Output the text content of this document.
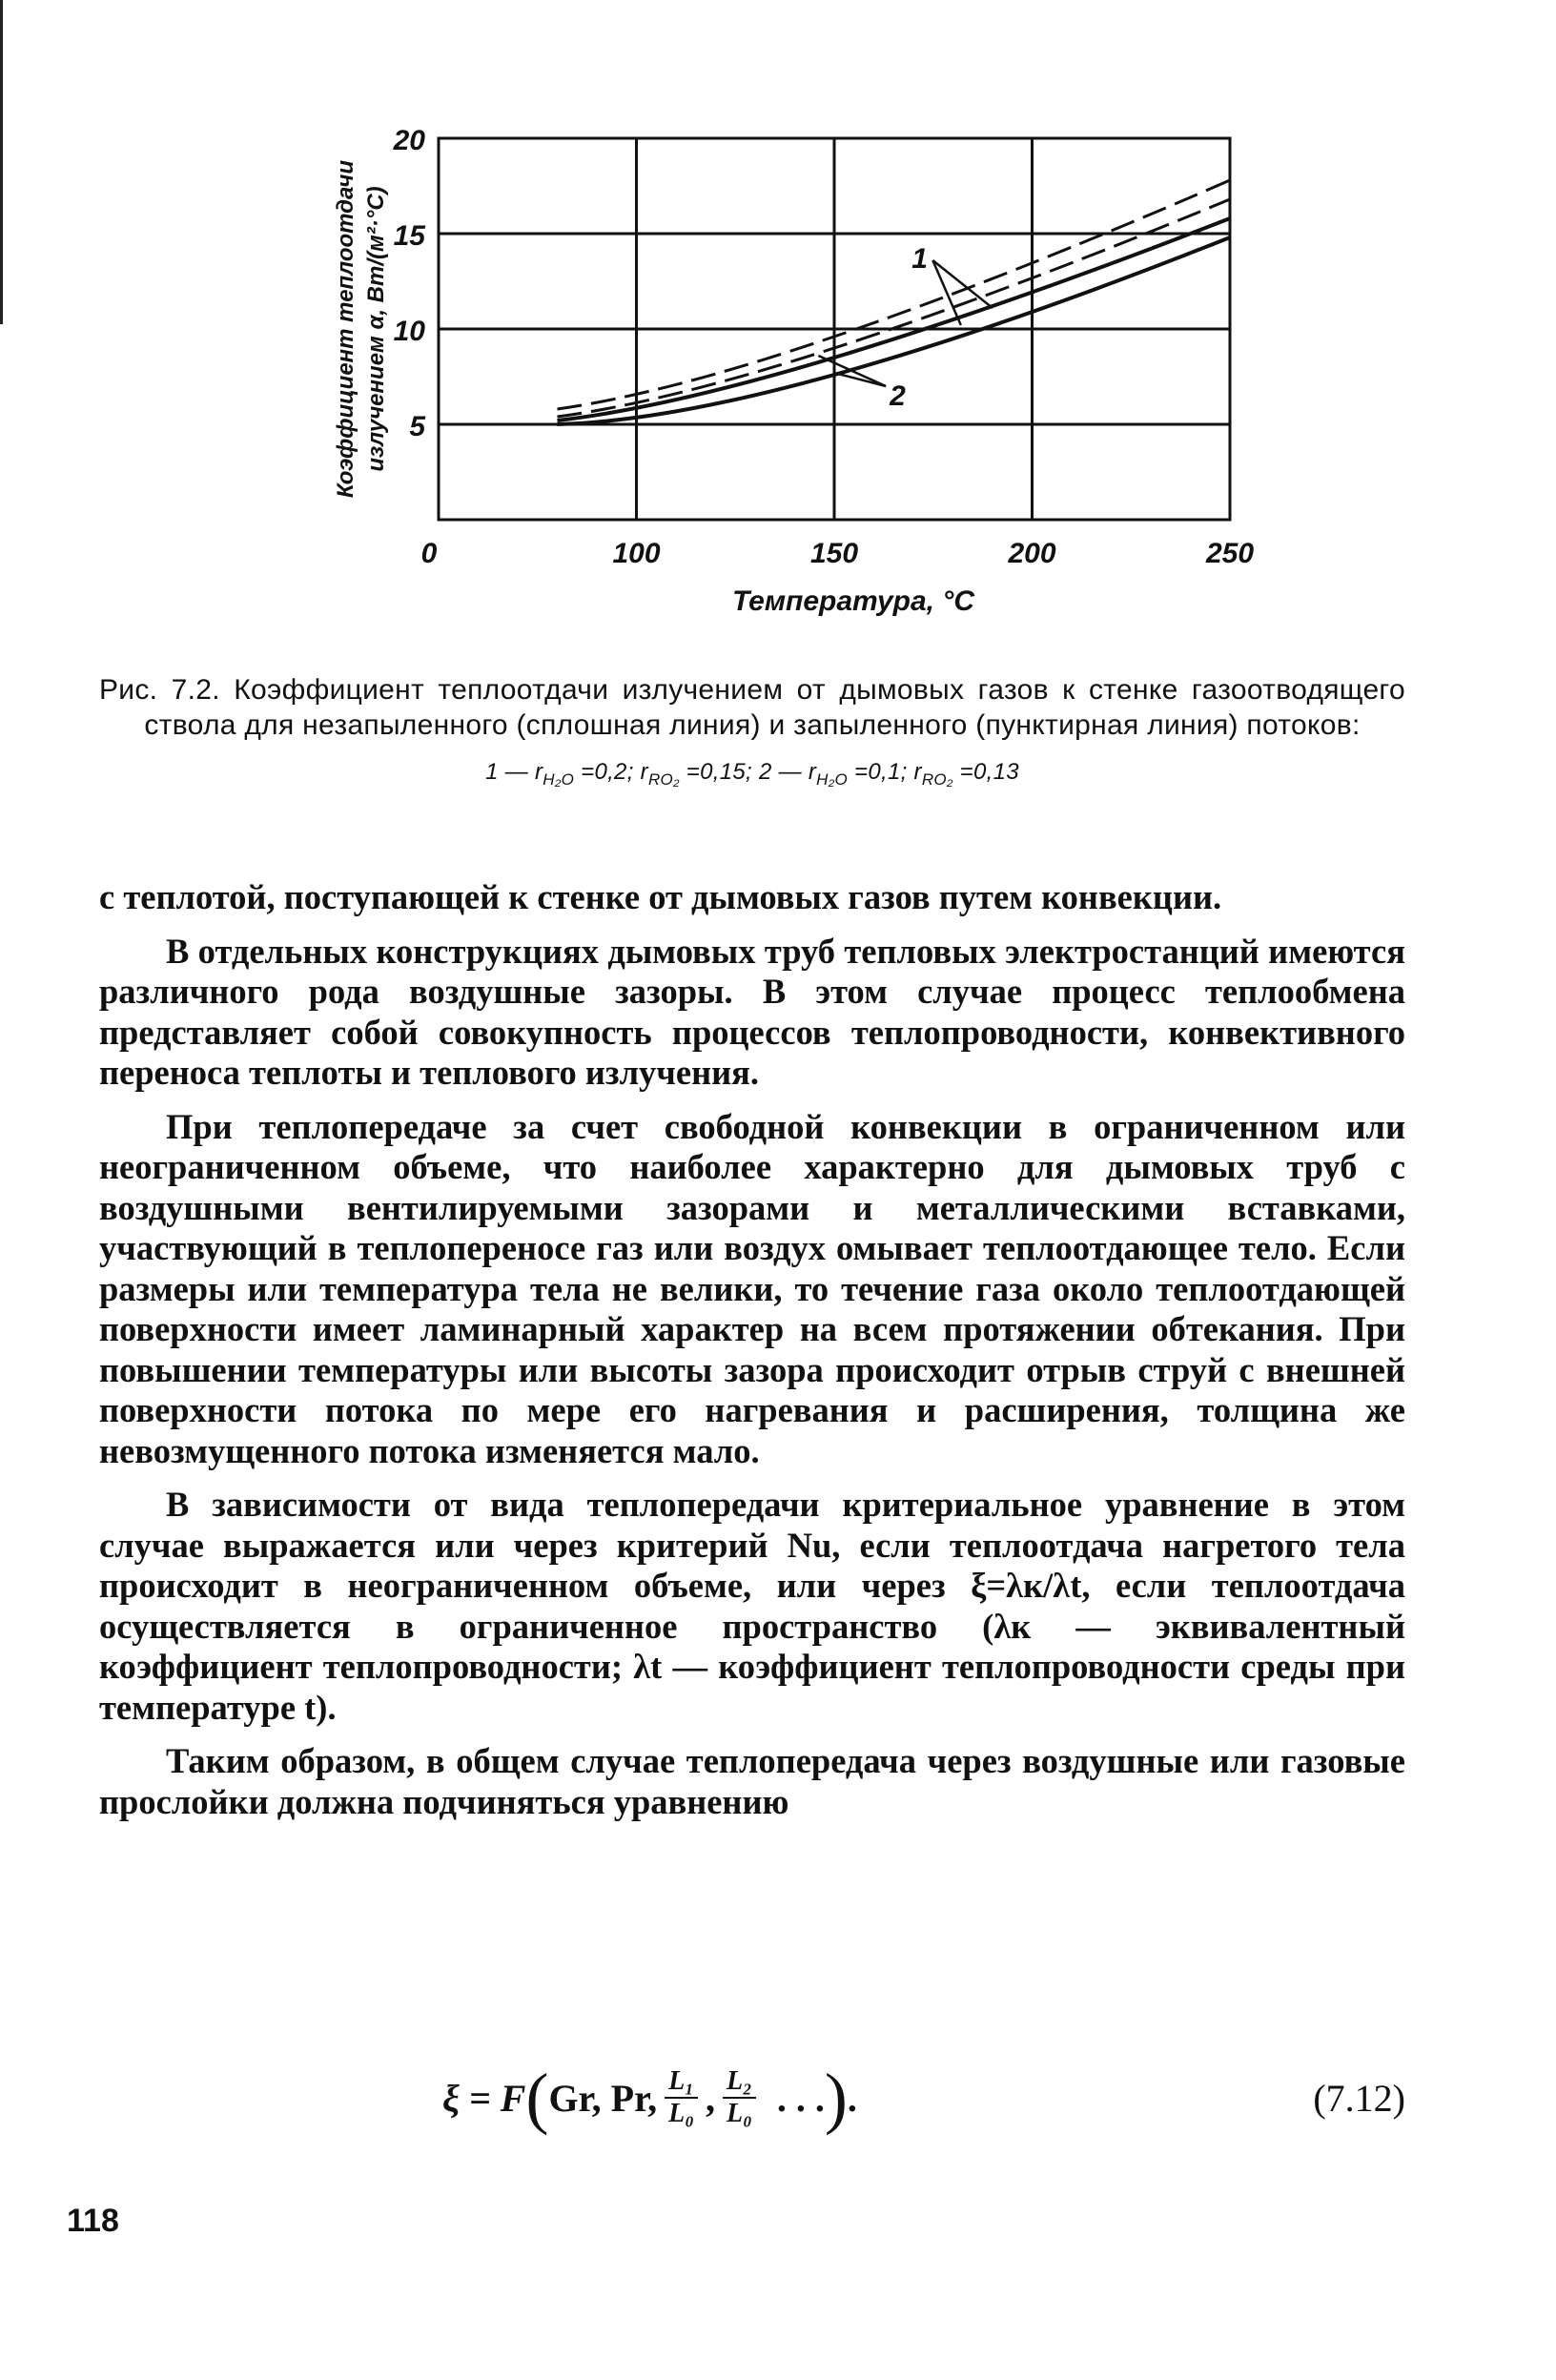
0	100	150	200	250
5
10
15
20
Температура, °C
Коэффициент теплоотдачи излучением α, Вт/(м²·°C)	1
2
Рис. 7.2. Коэффициент теплоотдачи излучением от дымовых газов к стенке газоотводящего ствола для незапыленного (сплошная линия) и запыленного (пунктирная линия) потоков:
1 — $r_{H_2O} =0,2$; $r_{RO_2} =0,15$; 2 — $r_{H_2O} =0,1$; $r_{RO_2} =0,13$

с теплотой, поступающей к стенке от дымовых газов путем конвекции.

В отдельных конструкциях дымовых труб тепловых электростанций имеются различного рода воздушные зазоры. В этом случае процесс теплообмена представляет собой совокупность процессов теплопроводности, конвективного переноса теплоты и теплового излучения.

При теплопередаче за счет свободной конвекции в ограниченном или неограниченном объеме, что наиболее характерно для дымовых труб с воздушными вентилируемыми зазорами и металлическими вставками, участвующий в теплопереносе газ или воздух омывает теплоотдающее тело. Если размеры или температура тела не велики, то течение газа около теплоотдающей поверхности имеет ламинарный характер на всем протяжении обтекания. При повышении температуры или высоты зазора происходит отрыв струй с внешней поверхности потока по мере его нагревания и расширения, толщина же невозмущенного потока изменяется мало.

В зависимости от вида теплопередачи критериальное уравнение в этом случае выражается или через критерий Nu, если теплоотдача нагретого тела происходит в неограниченном объеме, или через ξ=λк/λt, если теплоотдача осуществляется в ограниченное пространство (λк — эквивалентный коэффициент теплопроводности; λt — коэффициент теплопроводности среды при температуре t).

Таким образом, в общем случае теплопередача через воздушные или газовые прослойки должна подчиняться уравнению

ξ = F ( Gr, Pr, $\frac{\text{L₁}}{\text{L₀}}$ , $\frac{\text{L₂}}{\text{L₀}}$ . . . ) .	(7.12)
118
